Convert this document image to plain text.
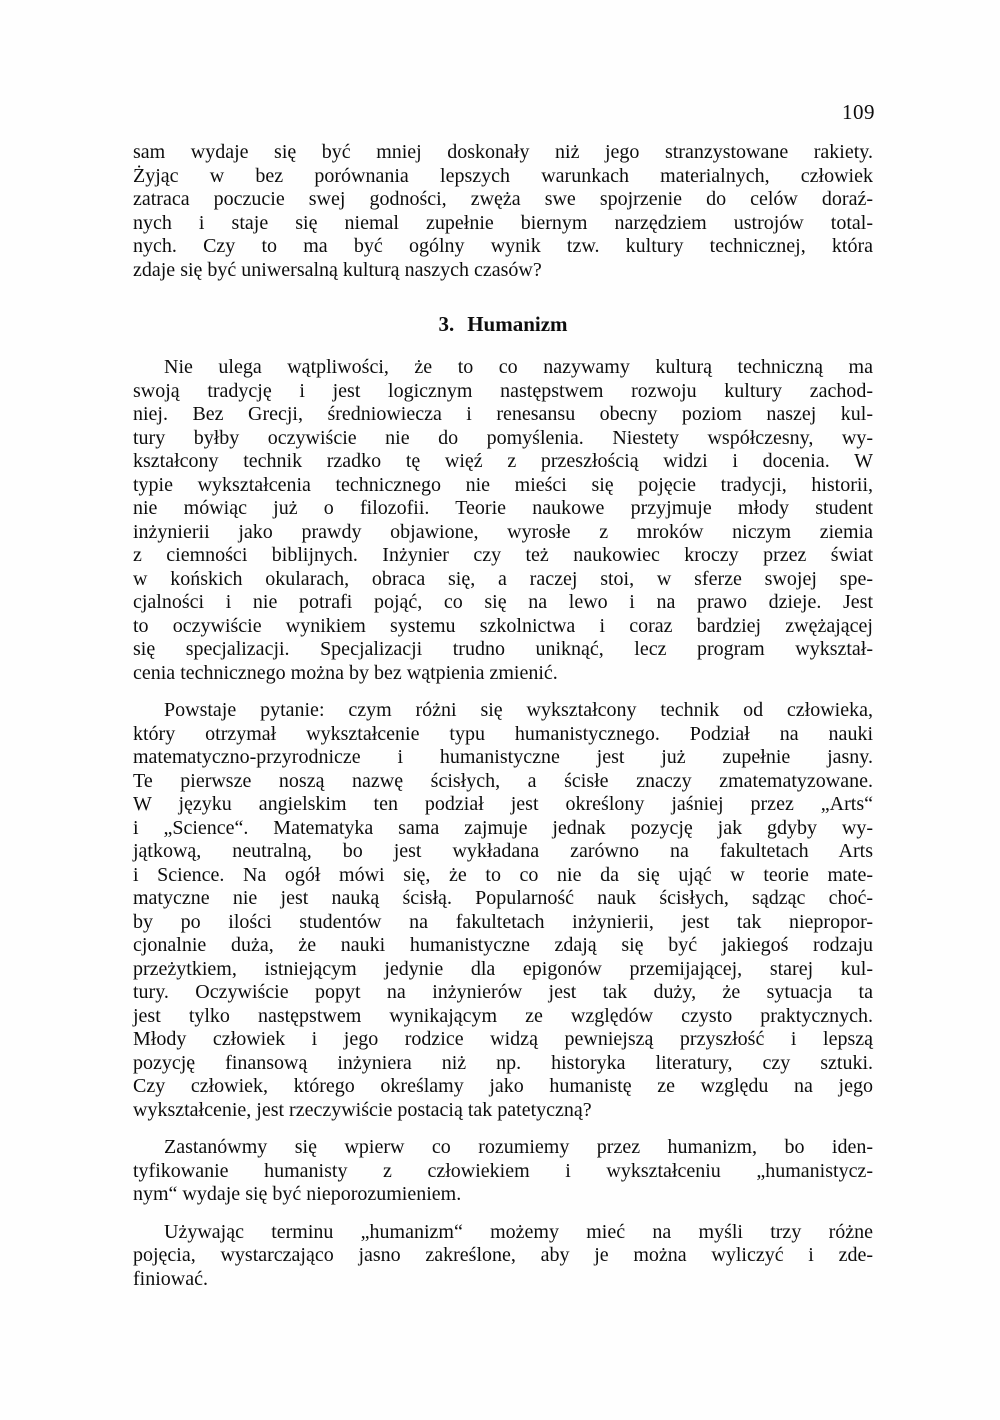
109
sam wydaje się być mniej doskonały niż jego stranzystowane rakiety.
Żyjąc w bez porównania lepszych warunkach materialnych, człowiek
zatraca poczucie swej godności, zwęża swe spojrzenie do celów doraź-
nych i staje się niemal zupełnie biernym narzędziem ustrojów total-
nych. Czy to ma być ogólny wynik tzw. kultury technicznej, która
zdaje się być uniwersalną kulturą naszych czasów?
3. Humanizm
Nie ulega wątpliwości, że to co nazywamy kulturą techniczną ma
swoją tradycję i jest logicznym następstwem rozwoju kultury zachod-
niej. Bez Grecji, średniowiecza i renesansu obecny poziom naszej kul-
tury byłby oczywiście nie do pomyślenia. Niestety współczesny, wy-
kształcony technik rzadko tę więź z przeszłością widzi i docenia. W
typie wykształcenia technicznego nie mieści się pojęcie tradycji, historii,
nie mówiąc już o filozofii. Teorie naukowe przyjmuje młody student
inżynierii jako prawdy objawione, wyrosłe z mroków niczym ziemia
z ciemności biblijnych. Inżynier czy też naukowiec kroczy przez świat
w końskich okularach, obraca się, a raczej stoi, w sferze swojej spe-
cjalności i nie potrafi pojąć, co się na lewo i na prawo dzieje. Jest
to oczywiście wynikiem systemu szkolnictwa i coraz bardziej zwężającej
się specjalizacji. Specjalizacji trudno uniknąć, lecz program wykształ-
cenia technicznego można by bez wątpienia zmienić.
Powstaje pytanie: czym różni się wykształcony technik od człowieka,
który otrzymał wykształcenie typu humanistycznego. Podział na nauki
matematyczno-przyrodnicze i humanistyczne jest już zupełnie jasny.
Te pierwsze noszą nazwę ścisłych, a ścisłe znaczy zmatematyzowane.
W języku angielskim ten podział jest określony jaśniej przez „Arts“
i „Science“. Matematyka sama zajmuje jednak pozycję jak gdyby wy-
jątkową, neutralną, bo jest wykładana zarówno na fakultetach Arts
i Science. Na ogół mówi się, że to co nie da się ująć w teorie mate-
matyczne nie jest nauką ścisłą. Popularność nauk ścisłych, sądząc choć-
by po ilości studentów na fakultetach inżynierii, jest tak niepropor-
cjonalnie duża, że nauki humanistyczne zdają się być jakiegoś rodzaju
przeżytkiem, istniejącym jedynie dla epigonów przemijającej, starej kul-
tury. Oczywiście popyt na inżynierów jest tak duży, że sytuacja ta
jest tylko następstwem wynikającym ze względów czysto praktycznych.
Młody człowiek i jego rodzice widzą pewniejszą przyszłość i lepszą
pozycję finansową inżyniera niż np. historyka literatury, czy sztuki.
Czy człowiek, którego określamy jako humanistę ze względu na jego
wykształcenie, jest rzeczywiście postacią tak patetyczną?
Zastanówmy się wpierw co rozumiemy przez humanizm, bo iden-
tyfikowanie humanisty z człowiekiem i wykształceniu „humanistycz-
nym“ wydaje się być nieporozumieniem.
Używając terminu „humanizm“ możemy mieć na myśli trzy różne
pojęcia, wystarczająco jasno zakreślone, aby je można wyliczyć i zde-
finiować.
